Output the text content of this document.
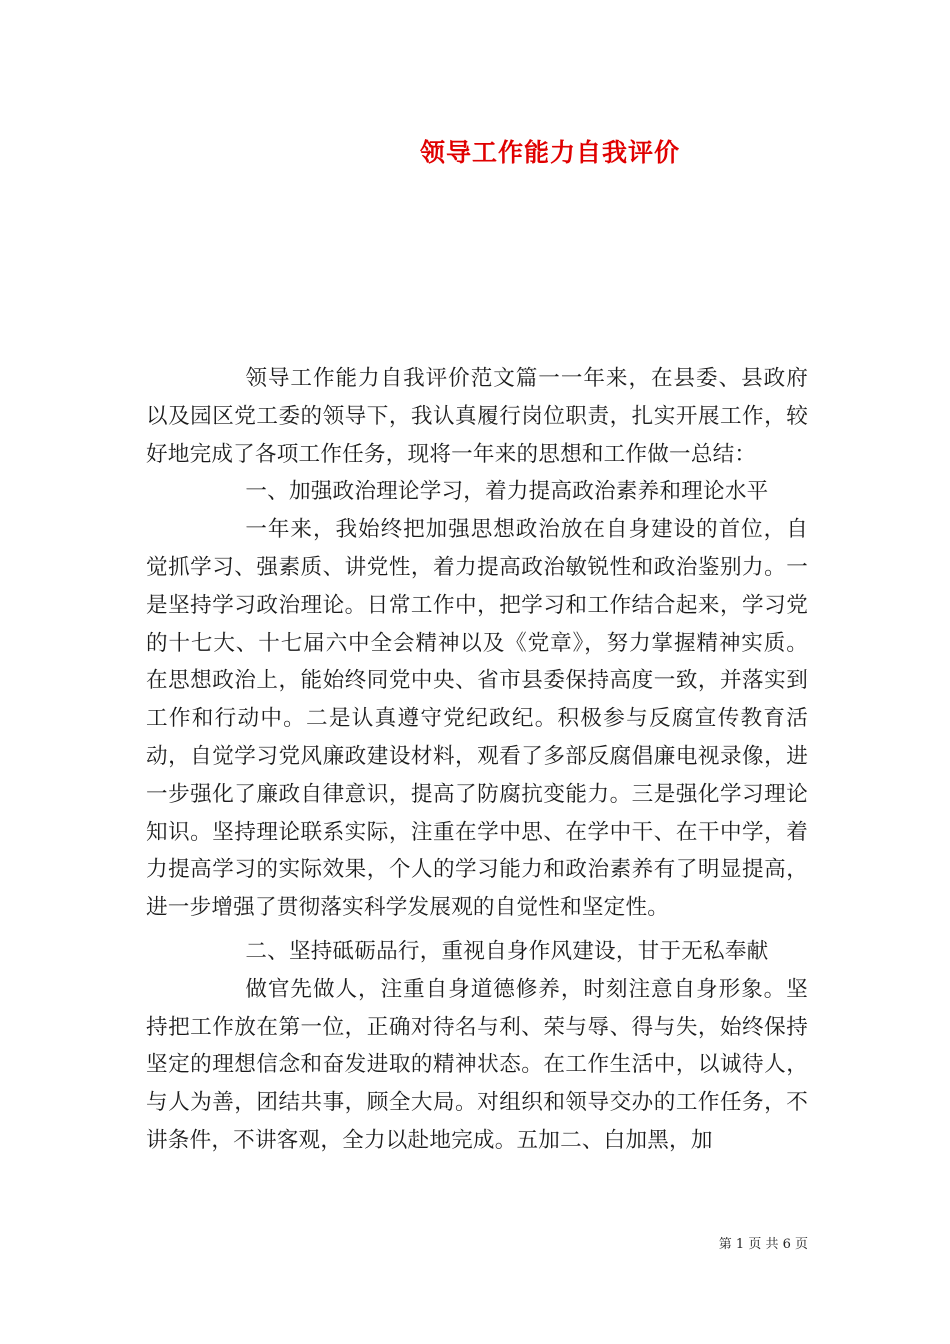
领导工作能力自我评价

领导工作能力自我评价范文篇一一年来，在县委、县政府以及园区党工委的领导下，我认真履行岗位职责，扎实开展工作，较好地完成了各项工作任务，现将一年来的思想和工作做一总结：

一、加强政治理论学习，着力提高政治素养和理论水平

一年来，我始终把加强思想政治放在自身建设的首位，自觉抓学习、强素质、讲党性，着力提高政治敏锐性和政治鉴别力。一是坚持学习政治理论。日常工作中，把学习和工作结合起来，学习党的十七大、十七届六中全会精神以及《党章》，努力掌握精神实质。在思想政治上，能始终同党中央、省市县委保持高度一致，并落实到工作和行动中。二是认真遵守党纪政纪。积极参与反腐宣传教育活动，自觉学习党风廉政建设材料，观看了多部反腐倡廉电视录像，进一步强化了廉政自律意识，提高了防腐抗变能力。三是强化学习理论知识。坚持理论联系实际，注重在学中思、在学中干、在干中学，着力提高学习的实际效果，个人的学习能力和政治素养有了明显提高，进一步增强了贯彻落实科学发展观的自觉性和坚定性。

二、坚持砥砺品行，重视自身作风建设，甘于无私奉献

做官先做人，注重自身道德修养，时刻注意自身形象。坚持把工作放在第一位，正确对待名与利、荣与辱、得与失，始终保持坚定的理想信念和奋发进取的精神状态。在工作生活中，以诚待人，与人为善，团结共事，顾全大局。对组织和领导交办的工作任务，不讲条件，不讲客观，全力以赴地完成。五加二、白加黑，加

第 1 页 共 6 页
